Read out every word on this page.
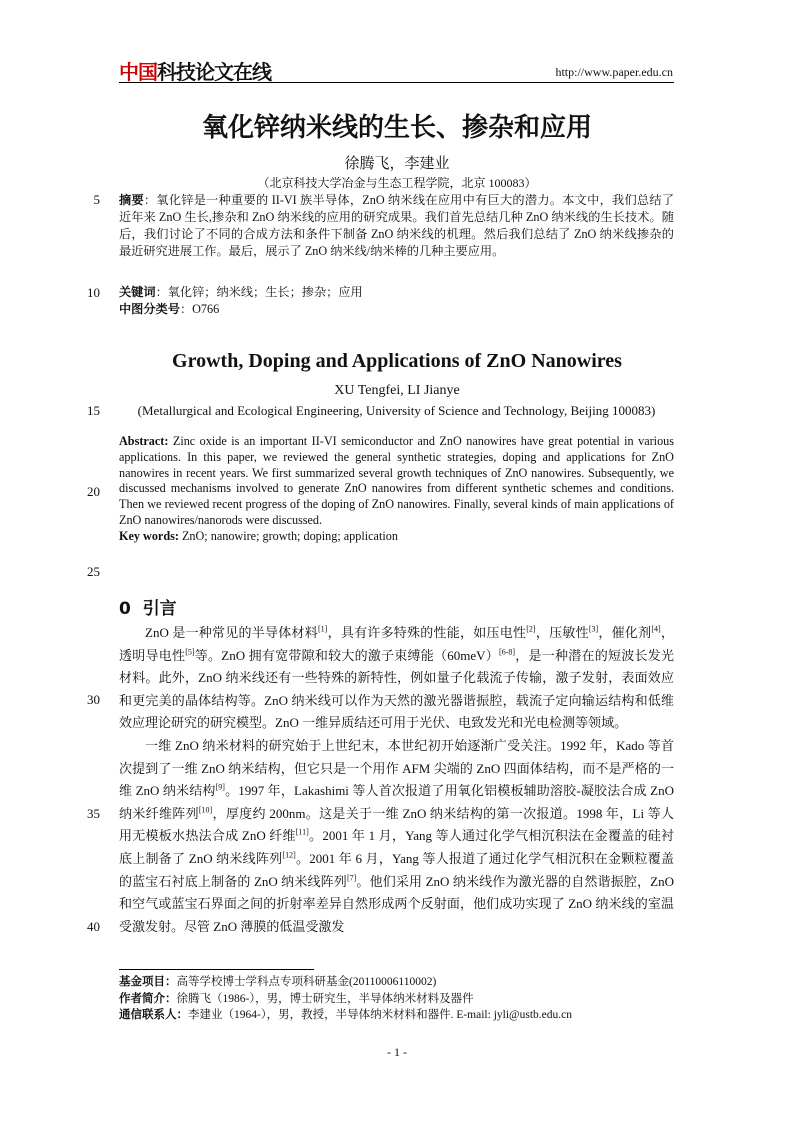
中国科技论文在线	http://www.paper.edu.cn
氧化锌纳米线的生长、掺杂和应用
徐腾飞，李建业
（北京科技大学冶金与生态工程学院，北京 100083）
5
10
15
20
25
30
35
40
摘要：氧化锌是一种重要的 II-VI 族半导体，ZnO 纳米线在应用中有巨大的潜力。本文中，我们总结了近年来 ZnO 生长,掺杂和 ZnO 纳米线的应用的研究成果。我们首先总结几种 ZnO 纳米线的生长技术。随后，我们讨论了不同的合成方法和条件下制备 ZnO 纳米线的机理。然后我们总结了 ZnO 纳米线掺杂的最近研究进展工作。最后，展示了 ZnO 纳米线/纳米棒的几种主要应用。
关键词：氧化锌；纳米线；生长；掺杂；应用
中图分类号：O766
Growth, Doping and Applications of ZnO Nanowires
XU Tengfei, LI Jianye
(Metallurgical and Ecological Engineering, University of Science and Technology, Beijing 100083)
Abstract: Zinc oxide is an important II-VI semiconductor and ZnO nanowires have great potential in various applications. In this paper, we reviewed the general synthetic strategies, doping and applications for ZnO nanowires in recent years. We first summarized several growth techniques of ZnO nanowires. Subsequently, we discussed mechanisms involved to generate ZnO nanowires from different synthetic schemes and conditions. Then we reviewed recent progress of the doping of ZnO nanowires. Finally, several kinds of main applications of ZnO nanowires/nanorods were discussed.
Key words: ZnO; nanowire; growth; doping; application
0 引言

ZnO 是一种常见的半导体材料[1]，具有许多特殊的性能，如压电性[2]，压敏性[3]，催化剂[4]，透明导电性[5]等。ZnO 拥有宽带隙和较大的激子束缚能（60meV）[6-8]，是一种潜在的短波长发光材料。此外，ZnO 纳米线还有一些特殊的新特性，例如量子化载流子传输，激子发射，表面效应和更完美的晶体结构等。ZnO 纳米线可以作为天然的激光器谐振腔，载流子定向输运结构和低维效应理论研究的研究模型。ZnO 一维异质结还可用于光伏、电致发光和光电检测等领域。

一维 ZnO 纳米材料的研究始于上世纪末，本世纪初开始逐渐广受关注。1992 年，Kado 等首次提到了一维 ZnO 纳米结构，但它只是一个用作 AFM 尖端的 ZnO 四面体结构，而不是严格的一维 ZnO 纳米结构[9]。1997 年，Lakashimi 等人首次报道了用氧化铝模板辅助溶胶-凝胶法合成 ZnO 纳米纤维阵列[10]，厚度约 200nm。这是关于一维 ZnO 纳米结构的第一次报道。1998 年，Li 等人用无模板水热法合成 ZnO 纤维[11]。2001 年 1 月，Yang 等人通过化学气相沉积法在金覆盖的硅衬底上制备了 ZnO 纳米线阵列[12]。2001 年 6 月，Yang 等人报道了通过化学气相沉积在金颗粒覆盖的蓝宝石衬底上制备的 ZnO 纳米线阵列[7]。他们采用 ZnO 纳米线作为激光器的自然谐振腔，ZnO 和空气或蓝宝石界面之间的折射率差异自然形成两个反射面，他们成功实现了 ZnO 纳米线的室温受激发射。尽管 ZnO 薄膜的低温受激发

基金项目：高等学校博士学科点专项科研基金(20110006110002)
作者简介：徐腾飞（1986-），男，博士研究生，半导体纳米材料及器件
通信联系人：李建业（1964-），男，教授，半导体纳米材料和器件. E-mail: jyli@ustb.edu.cn
- 1 -
